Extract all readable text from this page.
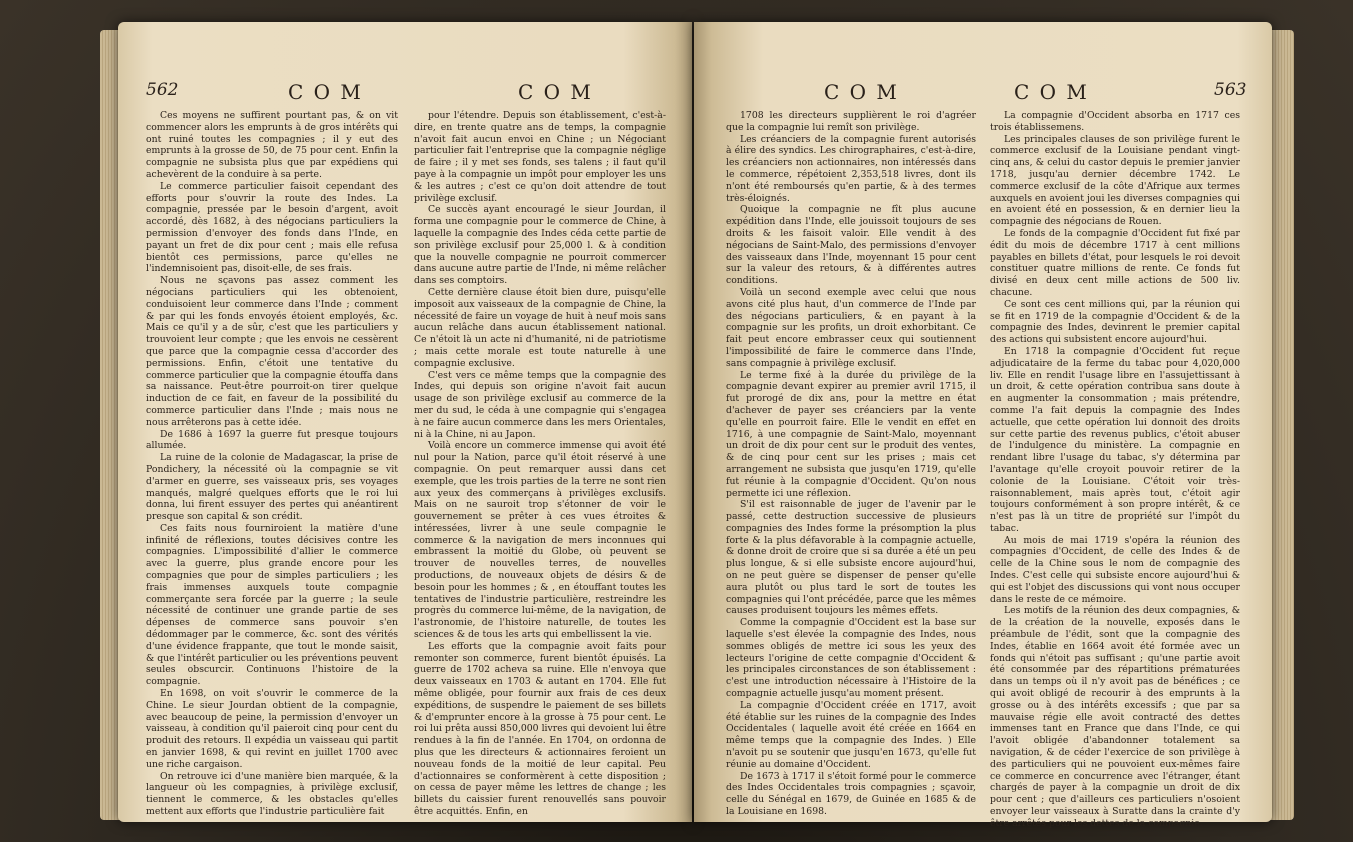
562	C O M	C O M

Ces moyens ne suffirent pourtant pas, & on vit commencer alors les emprunts à de gros intérêts qui ont ruiné toutes les compagnies ; il y eut des emprunts à la grosse de 50, de 75 pour cent. Enfin la compagnie ne subsista plus que par expédiens qui achevèrent de la conduire à sa perte.

Le commerce particulier faisoit cependant des efforts pour s'ouvrir la route des Indes. La compagnie, pressée par le besoin d'argent, avoit accordé, dès 1682, à des négocians particuliers la permission d'envoyer des fonds dans l'Inde, en payant un fret de dix pour cent ; mais elle refusa bientôt ces permissions, parce qu'elles ne l'indemnisoient pas, disoit-elle, de ses frais.

Nous ne sçavons pas assez comment les négocians particuliers qui les obtenoient, conduisoient leur commerce dans l'Inde ; comment & par qui les fonds envoyés étoient employés, &c. Mais ce qu'il y a de sûr, c'est que les particuliers y trouvoient leur compte ; que les envois ne cessèrent que parce que la compagnie cessa d'accorder des permissions. Enfin, c'étoit une tentative du commerce particulier que la compagnie étouffa dans sa naissance. Peut-être pourroit-on tirer quelque induction de ce fait, en faveur de la possibilité du commerce particulier dans l'Inde ; mais nous ne nous arrêterons pas à cette idée.

De 1686 à 1697 la guerre fut presque toujours allumée.

La ruine de la colonie de Madagascar, la prise de Pondichery, la nécessité où la compagnie se vit d'armer en guerre, ses vaisseaux pris, ses voyages manqués, malgré quelques efforts que le roi lui donna, lui firent essuyer des pertes qui anéantirent presque son capital & son crédit.

Ces faits nous fourniroient la matière d'une infinité de réflexions, toutes décisives contre les compagnies. L'impossibilité d'allier le commerce avec la guerre, plus grande encore pour les compagnies que pour de simples particuliers ; les frais immenses auxquels toute compagnie commerçante sera forcée par la guerre ; la seule nécessité de continuer une grande partie de ses dépenses de commerce sans pouvoir s'en dédommager par le commerce, &c. sont des vérités d'une évidence frappante, que tout le monde saisit, & que l'intérêt particulier ou les préventions peuvent seules obscurcir. Continuons l'histoire de la compagnie.

En 1698, on voit s'ouvrir le commerce de la Chine. Le sieur Jourdan obtient de la compagnie, avec beaucoup de peine, la permission d'envoyer un vaisseau, à condition qu'il paieroit cinq pour cent du produit des retours. Il expédia un vaisseau qui partit en janvier 1698, & qui revint en juillet 1700 avec une riche cargaison.

On retrouve ici d'une manière bien marquée, & la langueur où les compagnies, à privilège exclusif, tiennent le commerce, & les obstacles qu'elles mettent aux efforts que l'industrie particulière fait

pour l'étendre. Depuis son établissement, c'est-à-dire, en trente quatre ans de temps, la compagnie n'avoit fait aucun envoi en Chine ; un Négociant particulier fait l'entreprise que la compagnie néglige de faire ; il y met ses fonds, ses talens ; il faut qu'il paye à la compagnie un impôt pour employer les uns & les autres ; c'est ce qu'on doit attendre de tout privilège exclusif.

Ce succès ayant encouragé le sieur Jourdan, il forma une compagnie pour le commerce de Chine, à laquelle la compagnie des Indes céda cette partie de son privilège exclusif pour 25,000 l. & à condition que la nouvelle compagnie ne pourroit commercer dans aucune autre partie de l'Inde, ni même relâcher dans ses comptoirs.

Cette dernière clause étoit bien dure, puisqu'elle imposoit aux vaisseaux de la compagnie de Chine, la nécessité de faire un voyage de huit à neuf mois sans aucun relâche dans aucun établissement national. Ce n'étoit là un acte ni d'humanité, ni de patriotisme ; mais cette morale est toute naturelle à une compagnie exclusive.

C'est vers ce même temps que la compagnie des Indes, qui depuis son origine n'avoit fait aucun usage de son privilège exclusif au commerce de la mer du sud, le céda à une compagnie qui s'engagea à ne faire aucun commerce dans les mers Orientales, ni à la Chine, ni au Japon.

Voilà encore un commerce immense qui avoit été nul pour la Nation, parce qu'il étoit réservé à une compagnie. On peut remarquer aussi dans cet exemple, que les trois parties de la terre ne sont rien aux yeux des commerçans à privilèges exclusifs. Mais on ne sauroit trop s'étonner de voir le gouvernement se prêter à ces vues étroites & intéressées, livrer à une seule compagnie le commerce & la navigation de mers inconnues qui embrassent la moitié du Globe, où peuvent se trouver de nouvelles terres, de nouvelles productions, de nouveaux objets de désirs & de besoin pour les hommes ; & , en étouffant toutes les tentatives de l'industrie particulière, restreindre les progrès du commerce lui-même, de la navigation, de l'astronomie, de l'histoire naturelle, de toutes les sciences & de tous les arts qui embellissent la vie.

Les efforts que la compagnie avoit faits pour remonter son commerce, furent bientôt épuisés. La guerre de 1702 acheva sa ruine. Elle n'envoya que deux vaisseaux en 1703 & autant en 1704. Elle fut même obligée, pour fournir aux frais de ces deux expéditions, de suspendre le paiement de ses billets & d'emprunter encore à la grosse à 75 pour cent. Le roi lui prêta aussi 850,000 livres qui devoient lui être rendues à la fin de l'année. En 1704, on ordonna de plus que les directeurs & actionnaires feroient un nouveau fonds de la moitié de leur capital. Peu d'actionnaires se conformèrent à cette disposition ; on cessa de payer même les lettres de change ; les billets du caissier furent renouvellés sans pouvoir être acquittés. Enfin, en

C O M	C O M	563

1708 les directeurs supplièrent le roi d'agréer que la compagnie lui remît son privilège.

Les créanciers de la compagnie furent autorisés à élire des syndics. Les chirographaires, c'est-à-dire, les créanciers non actionnaires, non intéressés dans le commerce, répétoient 2,353,518 livres, dont ils n'ont été remboursés qu'en partie, & à des termes très-éloignés.

Quoique la compagnie ne fît plus aucune expédition dans l'Inde, elle jouissoit toujours de ses droits & les faisoit valoir. Elle vendit à des négocians de Saint-Malo, des permissions d'envoyer des vaisseaux dans l'Inde, moyennant 15 pour cent sur la valeur des retours, & à différentes autres conditions.

Voilà un second exemple avec celui que nous avons cité plus haut, d'un commerce de l'Inde par des négocians particuliers, & en payant à la compagnie sur les profits, un droit exhorbitant. Ce fait peut encore embrasser ceux qui soutiennent l'impossibilité de faire le commerce dans l'Inde, sans compagnie à privilège exclusif.

Le terme fixé à la durée du privilège de la compagnie devant expirer au premier avril 1715, il fut prorogé de dix ans, pour la mettre en état d'achever de payer ses créanciers par la vente qu'elle en pourroit faire. Elle le vendit en effet en 1716, à une compagnie de Saint-Malo, moyennant un droit de dix pour cent sur le produit des ventes, & de cinq pour cent sur les prises ; mais cet arrangement ne subsista que jusqu'en 1719, qu'elle fut réunie à la compagnie d'Occident. Qu'on nous permette ici une réflexion.

S'il est raisonnable de juger de l'avenir par le passé, cette destruction successive de plusieurs compagnies des Indes forme la présomption la plus forte & la plus défavorable à la compagnie actuelle, & donne droit de croire que si sa durée a été un peu plus longue, & si elle subsiste encore aujourd'hui, on ne peut guère se dispenser de penser qu'elle aura plutôt ou plus tard le sort de toutes les compagnies qui l'ont précédée, parce que les mêmes causes produisent toujours les mêmes effets.

Comme la compagnie d'Occident est la base sur laquelle s'est élevée la compagnie des Indes, nous sommes obligés de mettre ici sous les yeux des lecteurs l'origine de cette compagnie d'Occident & les principales circonstances de son établissement : c'est une introduction nécessaire à l'Histoire de la compagnie actuelle jusqu'au moment présent.

La compagnie d'Occident créée en 1717, avoit été établie sur les ruines de la compagnie des Indes Occidentales ( laquelle avoit été créée en 1664 en même temps que la compagnie des Indes. ) Elle n'avoit pu se soutenir que jusqu'en 1673, qu'elle fut réunie au domaine d'Occident.

De 1673 à 1717 il s'étoit formé pour le commerce des Indes Occidentales trois compagnies ; sçavoir, celle du Sénégal en 1679, de Guinée en 1685 & de la Louisiane en 1698.

La compagnie d'Occident absorba en 1717 ces trois établissemens.

Les principales clauses de son privilège furent le commerce exclusif de la Louisiane pendant vingt-cinq ans, & celui du castor depuis le premier janvier 1718, jusqu'au dernier décembre 1742. Le commerce exclusif de la côte d'Afrique aux termes auxquels en avoient joui les diverses compagnies qui en avoient été en possession, & en dernier lieu la compagnie des négocians de Rouen.

Le fonds de la compagnie d'Occident fut fixé par édit du mois de décembre 1717 à cent millions payables en billets d'état, pour lesquels le roi devoit constituer quatre millions de rente. Ce fonds fut divisé en deux cent mille actions de 500 liv. chacune.

Ce sont ces cent millions qui, par la réunion qui se fit en 1719 de la compagnie d'Occident & de la compagnie des Indes, devinrent le premier capital des actions qui subsistent encore aujourd'hui.

En 1718 la compagnie d'Occident fut reçue adjudicataire de la ferme du tabac pour 4,020,000 liv. Elle en rendit l'usage libre en l'assujettissant à un droit, & cette opération contribua sans doute à en augmenter la consommation ; mais prétendre, comme l'a fait depuis la compagnie des Indes actuelle, que cette opération lui donnoit des droits sur cette partie des revenus publics, c'étoit abuser de l'indulgence du ministère. La compagnie en rendant libre l'usage du tabac, s'y détermina par l'avantage qu'elle croyoit pouvoir retirer de la colonie de la Louisiane. C'étoit voir très-raisonnablement, mais après tout, c'étoit agir toujours conformément à son propre intérêt, & ce n'est pas là un titre de propriété sur l'impôt du tabac.

Au mois de mai 1719 s'opéra la réunion des compagnies d'Occident, de celle des Indes & de celle de la Chine sous le nom de compagnie des Indes. C'est celle qui subsiste encore aujourd'hui & qui est l'objet des discussions qui vont nous occuper dans le reste de ce mémoire.

Les motifs de la réunion des deux compagnies, & de la création de la nouvelle, exposés dans le préambule de l'édit, sont que la compagnie des Indes, établie en 1664 avoit été formée avec un fonds qui n'étoit pas suffisant ; qu'une partie avoit été consommée par des répartitions prématurées dans un temps où il n'y avoit pas de bénéfices ; ce qui avoit obligé de recourir à des emprunts à la grosse ou à des intérêts excessifs ; que par sa mauvaise régie elle avoit contracté des dettes immenses tant en France que dans l'Inde, ce qui l'avoit obligée d'abandonner totalement sa navigation, & de céder l'exercice de son privilège à des particuliers qui ne pouvoient eux-mêmes faire ce commerce en concurrence avec l'étranger, étant chargés de payer à la compagnie un droit de dix pour cent ; que d'ailleurs ces particuliers n'osoient envoyer leur vaisseaux à Suratte dans la crainte d'y être arrêtés pour les dettes de la compagnie.
